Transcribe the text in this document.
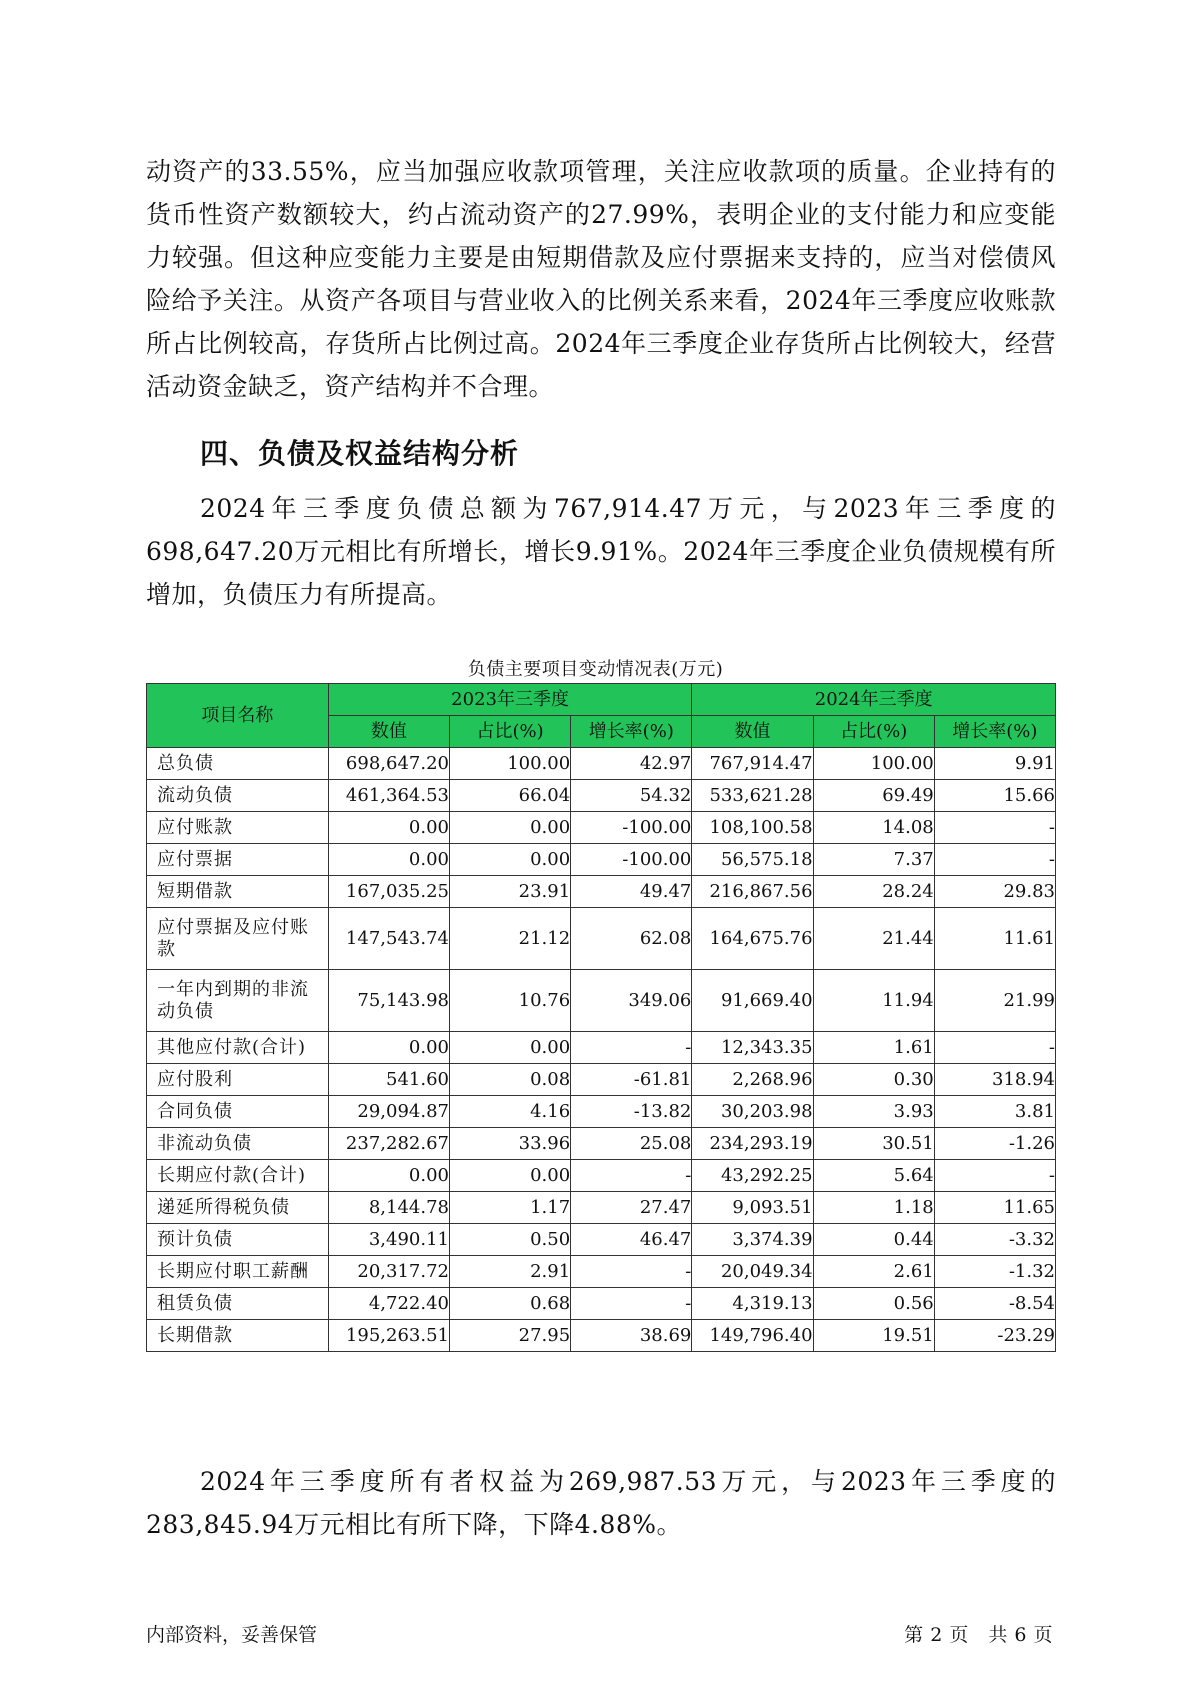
动资产的33.55%，应当加强应收款项管理，关注应收款项的质量。企业持有的货币性资产数额较大，约占流动资产的27.99%，表明企业的支付能力和应变能力较强。但这种应变能力主要是由短期借款及应付票据来支持的，应当对偿债风险给予关注。从资产各项目与营业收入的比例关系来看，2024年三季度应收账款所占比例较高，存货所占比例过高。2024年三季度企业存货所占比例较大，经营活动资金缺乏，资产结构并不合理。

四、负债及权益结构分析

2024年三季度负债总额为767,914.47万元，与2023年三季度的698,647.20万元相比有所增长，增长9.91%。2024年三季度企业负债规模有所增加，负债压力有所提高。

负债主要项目变动情况表(万元)
项目名称	2023年三季度			2024年三季度		
	数值	占比(%)	增长率(%)	数值	占比(%)	增长率(%)
总负债	698,647.20	100.00	42.97	767,914.47	100.00	9.91
流动负债	461,364.53	66.04	54.32	533,621.28	69.49	15.66
应付账款	0.00	0.00	-100.00	108,100.58	14.08	-
应付票据	0.00	0.00	-100.00	56,575.18	7.37	-
短期借款	167,035.25	23.91	49.47	216,867.56	28.24	29.83
应付票据及应付账款	147,543.74	21.12	62.08	164,675.76	21.44	11.61
一年内到期的非流动负债	75,143.98	10.76	349.06	91,669.40	11.94	21.99
其他应付款(合计)	0.00	0.00	-	12,343.35	1.61	-
应付股利	541.60	0.08	-61.81	2,268.96	0.30	318.94
合同负债	29,094.87	4.16	-13.82	30,203.98	3.93	3.81
非流动负债	237,282.67	33.96	25.08	234,293.19	30.51	-1.26
长期应付款(合计)	0.00	0.00	-	43,292.25	5.64	-
递延所得税负债	8,144.78	1.17	27.47	9,093.51	1.18	11.65
预计负债	3,490.11	0.50	46.47	3,374.39	0.44	-3.32
长期应付职工薪酬	20,317.72	2.91	-	20,049.34	2.61	-1.32
租赁负债	4,722.40	0.68	-	4,319.13	0.56	-8.54
长期借款	195,263.51	27.95	38.69	149,796.40	19.51	-23.29

2024年三季度所有者权益为269,987.53万元，与2023年三季度的283,845.94万元相比有所下降，下降4.88%。

内部资料，妥善保管	第 2 页　共 6 页
